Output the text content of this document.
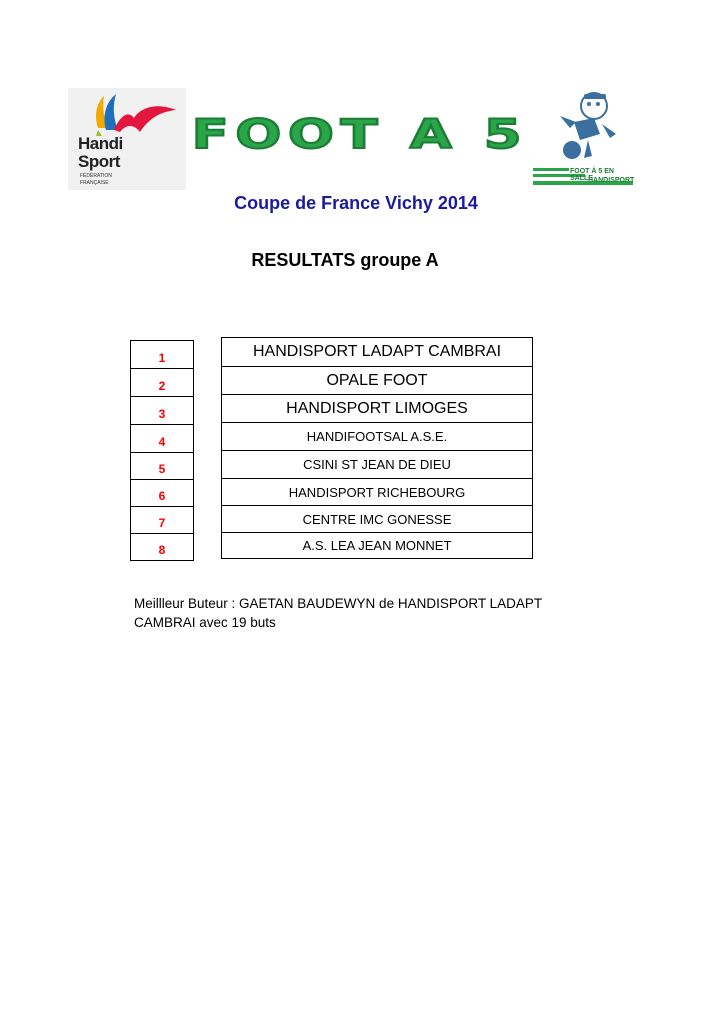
Handi
Sport
FÉDÉRATION
FRANÇAISE
FOOT A 5
FOOT À 5 EN SALLE
HANDISPORT
Coupe de France Vichy 2014
RESULTATS groupe A
1
2
3
4
5
6
7
8
HANDISPORT LADAPT CAMBRAI
OPALE FOOT
HANDISPORT LIMOGES
HANDIFOOTSAL A.S.E.
CSINI ST JEAN DE DIEU
HANDISPORT RICHEBOURG
CENTRE IMC GONESSE
A.S. LEA JEAN MONNET
Meillleur Buteur : GAETAN BAUDEWYN de HANDISPORT LADAPT
CAMBRAI avec 19 buts
